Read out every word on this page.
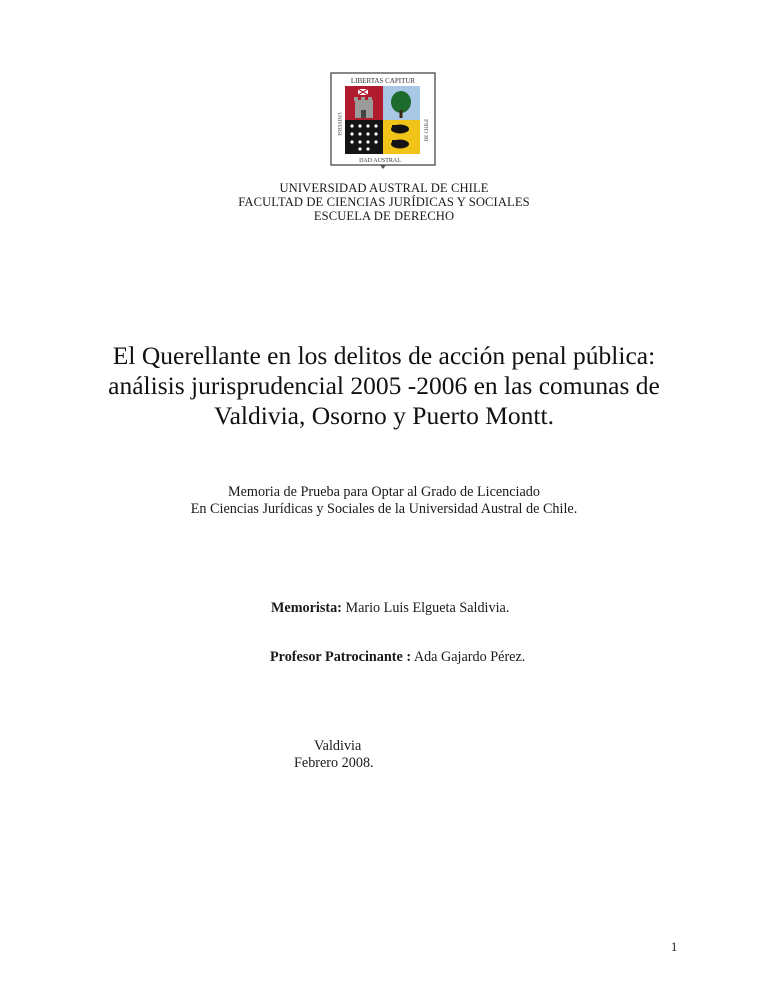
LIBERTAS CAPITUR
UNIVERSI	DE CHILE
DAD AUSTRAL
UNIVERSIDAD AUSTRAL DE CHILE
FACULTAD DE CIENCIAS JURÍDICAS Y SOCIALES
ESCUELA DE DERECHO
El Querellante en los delitos de acción penal pública:
análisis jurisprudencial 2005 -2006 en las comunas de
Valdivia, Osorno y Puerto Montt.
Memoria de Prueba para Optar al Grado de Licenciado
En Ciencias Jurídicas y Sociales de la Universidad Austral de Chile.
Memorista: Mario Luis Elgueta Saldivia.
Profesor Patrocinante : Ada Gajardo Pérez.
Valdivia
Febrero 2008.
1
